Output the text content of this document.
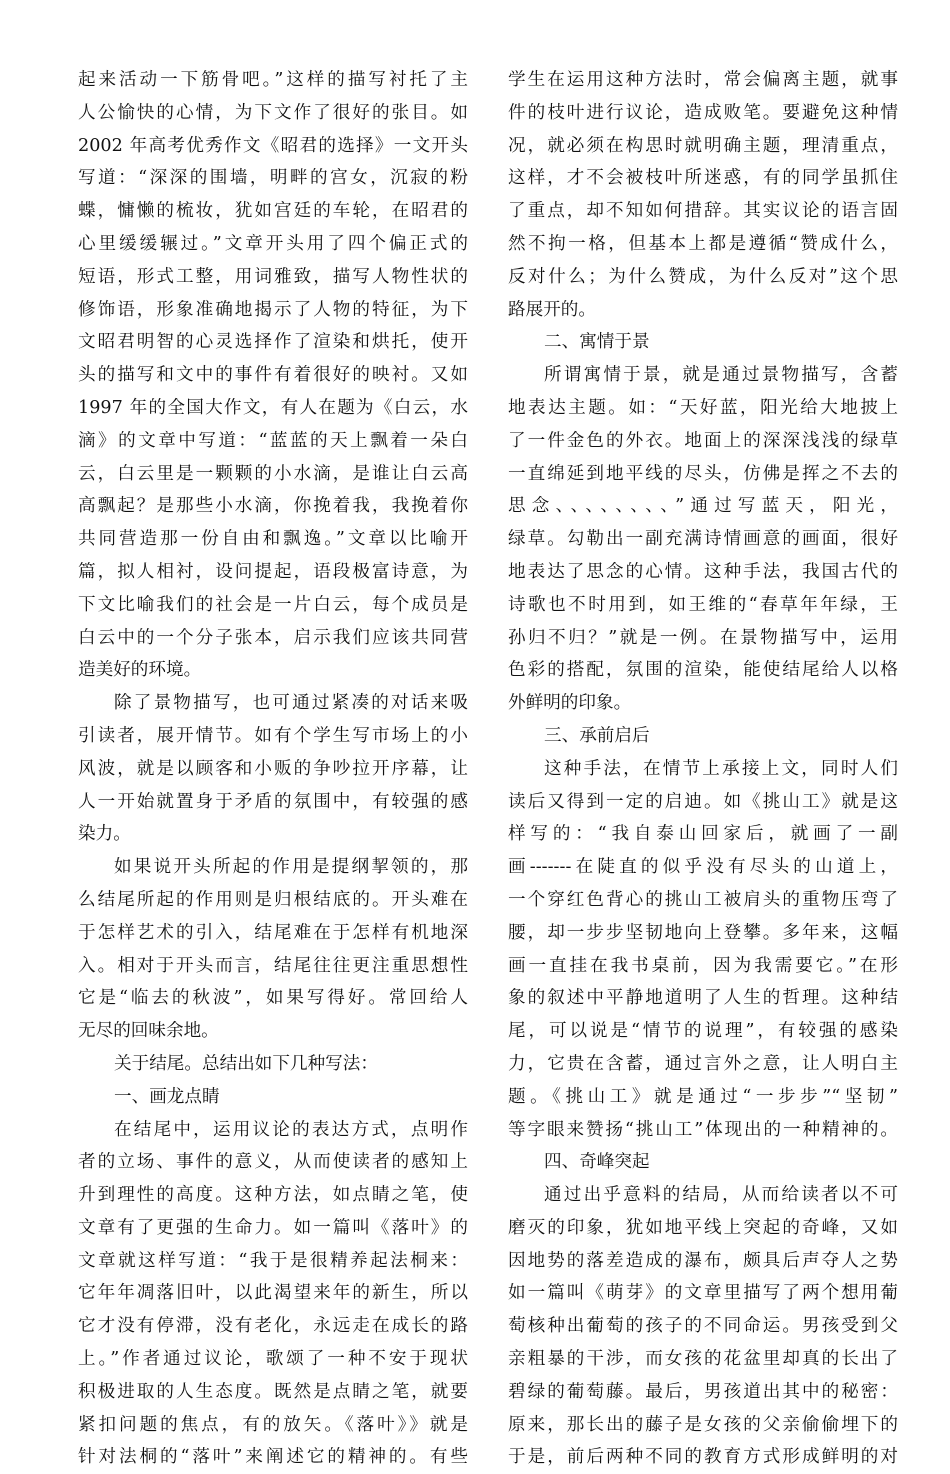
起来活动一下筋骨吧。”这样的描写衬托了主
人公愉快的心情，为下文作了很好的张目。如
2002 年高考优秀作文《昭君的选择》一文开头
写道：“深深的围墙，明畔的宫女，沉寂的粉
蝶，慵懒的梳妆，犹如宫廷的车轮，在昭君的
心里缓缓辗过。”文章开头用了四个偏正式的
短语，形式工整，用词雅致，描写人物性状的
修饰语，形象准确地揭示了人物的特征，为下
文昭君明智的心灵选择作了渲染和烘托，使开
头的描写和文中的事件有着很好的映衬。又如
1997 年的全国大作文，有人在题为《白云，水
滴》的文章中写道：“蓝蓝的天上飘着一朵白
云，白云里是一颗颗的小水滴，是谁让白云高
高飘起？是那些小水滴，你挽着我，我挽着你
共同营造那一份自由和飘逸。”文章以比喻开
篇，拟人相衬，设问提起，语段极富诗意，为
下文比喻我们的社会是一片白云，每个成员是
白云中的一个分子张本，启示我们应该共同营
造美好的环境。
除了景物描写，也可通过紧凑的对话来吸
引读者，展开情节。如有个学生写市场上的小
风波，就是以顾客和小贩的争吵拉开序幕，让
人一开始就置身于矛盾的氛围中，有较强的感
染力。
如果说开头所起的作用是提纲挈领的，那
么结尾所起的作用则是归根结底的。开头难在
于怎样艺术的引入，结尾难在于怎样有机地深
入。相对于开头而言，结尾往往更注重思想性
它是“临去的秋波”，如果写得好。常回给人
无尽的回味余地。
关于结尾。总结出如下几种写法：
一、画龙点睛
在结尾中，运用议论的表达方式，点明作
者的立场、事件的意义，从而使读者的感知上
升到理性的高度。这种方法，如点睛之笔，使
文章有了更强的生命力。如一篇叫《落叶》的
文章就这样写道：“我于是很精养起法桐来：
它年年凋落旧叶，以此渴望来年的新生，所以
它才没有停滞，没有老化，永远走在成长的路
上。”作者通过议论，歌颂了一种不安于现状
积极进取的人生态度。既然是点睛之笔，就要
紧扣问题的焦点，有的放矢。《落叶》》就是
针对法桐的“落叶”来阐述它的精神的。有些
学生在运用这种方法时，常会偏离主题，就事
件的枝叶进行议论，造成败笔。要避免这种情
况，就必须在构思时就明确主题，理清重点，
这样，才不会被枝叶所迷惑，有的同学虽抓住
了重点，却不知如何措辞。其实议论的语言固
然不拘一格，但基本上都是遵循“赞成什么，
反对什么；为什么赞成，为什么反对”这个思
路展开的。
二、寓情于景
所谓寓情于景，就是通过景物描写，含蓄
地表达主题。如：“天好蓝，阳光给大地披上
了一件金色的外衣。地面上的深深浅浅的绿草
一直绵延到地平线的尽头，仿佛是挥之不去的
思念、、、、、、、、”通过写蓝天，阳光，
绿草。勾勒出一副充满诗情画意的画面，很好
地表达了思念的心情。这种手法，我国古代的
诗歌也不时用到，如王维的“春草年年绿，王
孙归不归？”就是一例。在景物描写中，运用
色彩的搭配，氛围的渲染，能使结尾给人以格
外鲜明的印象。
三、承前启后
这种手法，在情节上承接上文，同时人们
读后又得到一定的启迪。如《挑山工》就是这
样写的：“我自泰山回家后，就画了一副
画-------在陡直的似乎没有尽头的山道上，
一个穿红色背心的挑山工被肩头的重物压弯了
腰，却一步步坚韧地向上登攀。多年来，这幅
画一直挂在我书桌前，因为我需要它。”在形
象的叙述中平静地道明了人生的哲理。这种结
尾，可以说是“情节的说理”，有较强的感染
力，它贵在含蓄，通过言外之意，让人明白主
题。《挑山工》就是通过“一步步”“坚韧”
等字眼来赞扬“挑山工”体现出的一种精神的。
四、奇峰突起
通过出乎意料的结局，从而给读者以不可
磨灭的印象，犹如地平线上突起的奇峰，又如
因地势的落差造成的瀑布，颇具后声夺人之势
如一篇叫《萌芽》的文章里描写了两个想用葡
萄核种出葡萄的孩子的不同命运。男孩受到父
亲粗暴的干涉，而女孩的花盆里却真的长出了
碧绿的葡萄藤。最后，男孩道出其中的秘密：
原来，那长出的藤子是女孩的父亲偷偷埋下的
于是，前后两种不同的教育方式形成鲜明的对
